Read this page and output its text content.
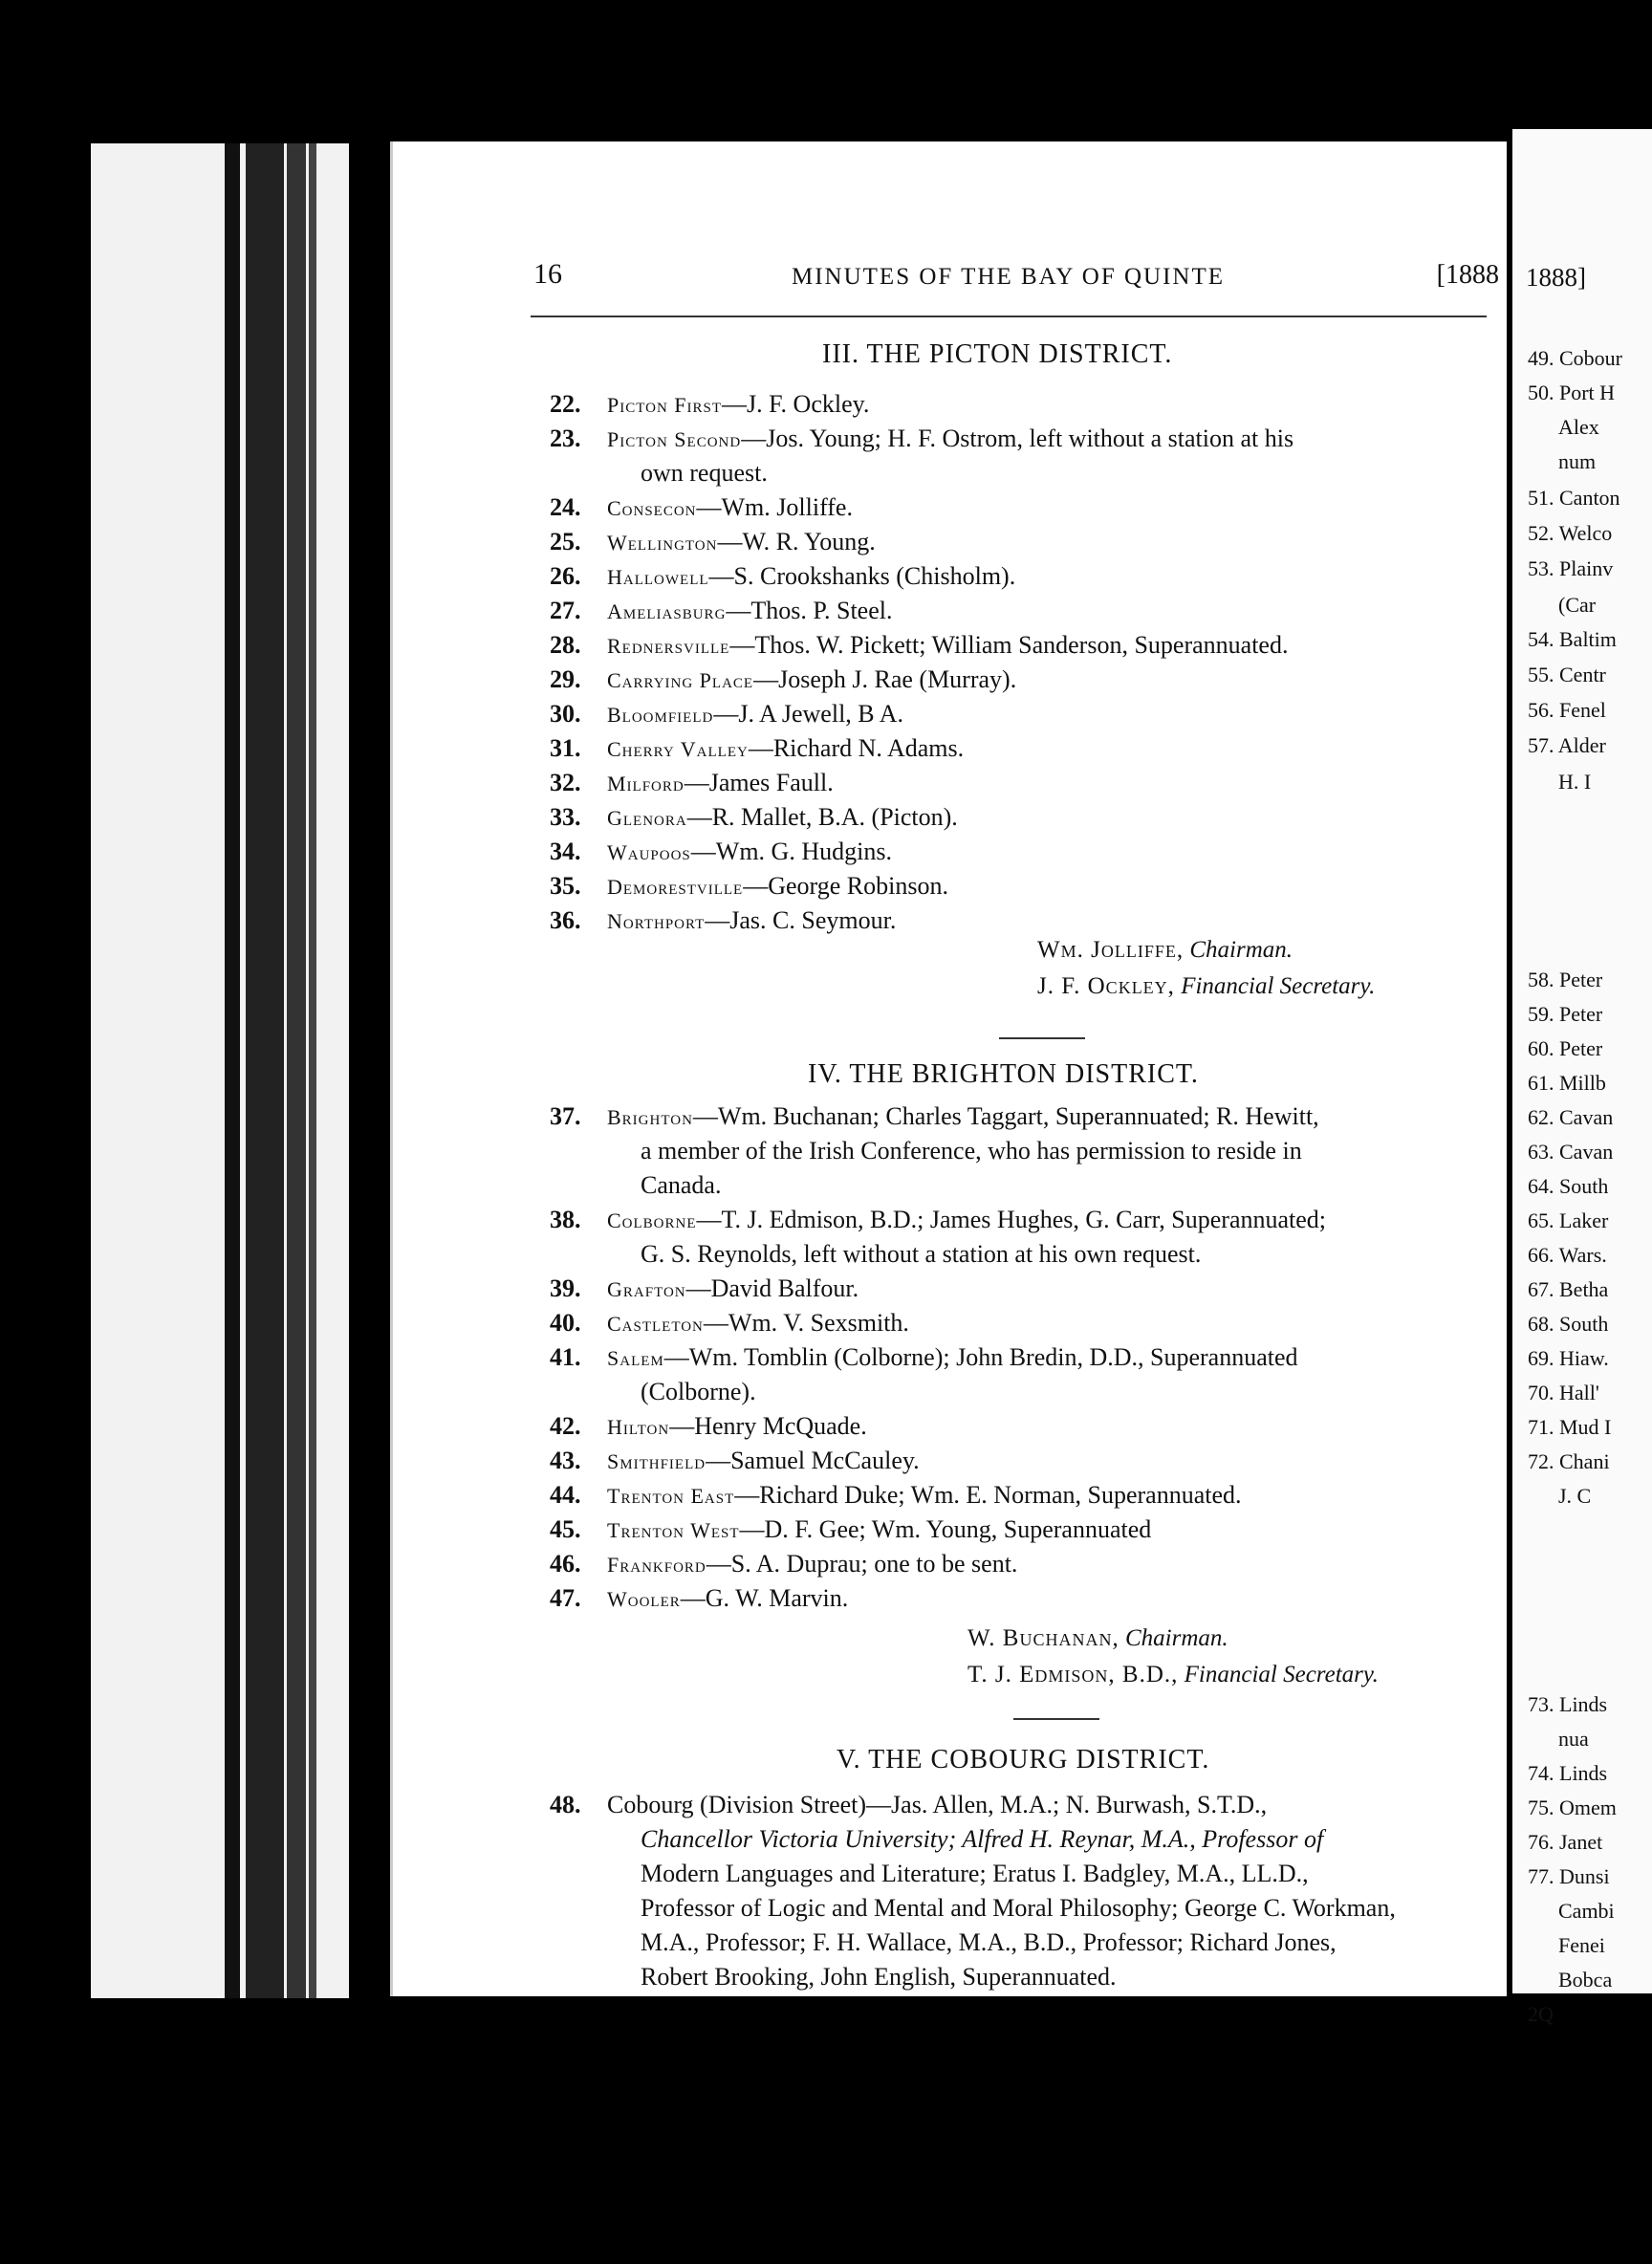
16	MINUTES OF THE BAY OF QUINTE	[1888
III. THE PICTON DISTRICT.
22. Picton First—J. F. Ockley.
23. Picton Second—Jos. Young; H. F. Ostrom, left without a station at his
own request.
24. Consecon—Wm. Jolliffe.
25. Wellington—W. R. Young.
26. Hallowell—S. Crookshanks (Chisholm).
27. Ameliasburg—Thos. P. Steel.
28. Rednersville—Thos. W. Pickett; William Sanderson, Superannuated.
29. Carrying Place—Joseph J. Rae (Murray).
30. Bloomfield—J. A Jewell, B A.
31. Cherry Valley—Richard N. Adams.
32. Milford—James Faull.
33. Glenora—R. Mallet, B.A. (Picton).
34. Waupoos—Wm. G. Hudgins.
35. Demorestville—George Robinson.
36. Northport—Jas. C. Seymour.
Wm. Jolliffe, Chairman.
J. F. Ockley, Financial Secretary.
IV. THE BRIGHTON DISTRICT.
37. Brighton—Wm. Buchanan; Charles Taggart, Superannuated; R. Hewitt,
a member of the Irish Conference, who has permission to reside in
Canada.
38. Colborne—T. J. Edmison, B.D.; James Hughes, G. Carr, Superannuated;
G. S. Reynolds, left without a station at his own request.
39. Grafton—David Balfour.
40. Castleton—Wm. V. Sexsmith.
41. Salem—Wm. Tomblin (Colborne); John Bredin, D.D., Superannuated
(Colborne).
42. Hilton—Henry McQuade.
43. Smithfield—Samuel McCauley.
44. Trenton East—Richard Duke; Wm. E. Norman, Superannuated.
45. Trenton West—D. F. Gee; Wm. Young, Superannuated
46. Frankford—S. A. Duprau; one to be sent.
47. Wooler—G. W. Marvin.
W. Buchanan, Chairman.
T. J. Edmison, B.D., Financial Secretary.
V. THE COBOURG DISTRICT.
48. Cobourg (Division Street)—Jas. Allen, M.A.; N. Burwash, S.T.D.,
Chancellor Victoria University; Alfred H. Reynar, M.A., Professor of
Modern Languages and Literature; Eratus I. Badgley, M.A., LL.D.,
Professor of Logic and Mental and Moral Philosophy; George C. Workman,
M.A., Professor; F. H. Wallace, M.A., B.D., Professor; Richard Jones,
Robert Brooking, John English, Superannuated.
1888]
49. Cobour
50. Port H
Alex
num
51. Canton
52. Welco
53. Plainv
(Car
54. Baltim
55. Centr
56. Fenel
57. Alder
H. I
58. Peter
59. Peter
60. Peter
61. Millb
62. Cavan
63. Cavan
64. South
65. Laker
66. Wars.
67. Betha
68. South
69. Hiaw.
70. Hall'
71. Mud I
72. Chani
J. C
73. Linds
nua
74. Linds
75. Omem
76. Janet
77. Dunsi
Cambi
Fenei
Bobca
2Q
